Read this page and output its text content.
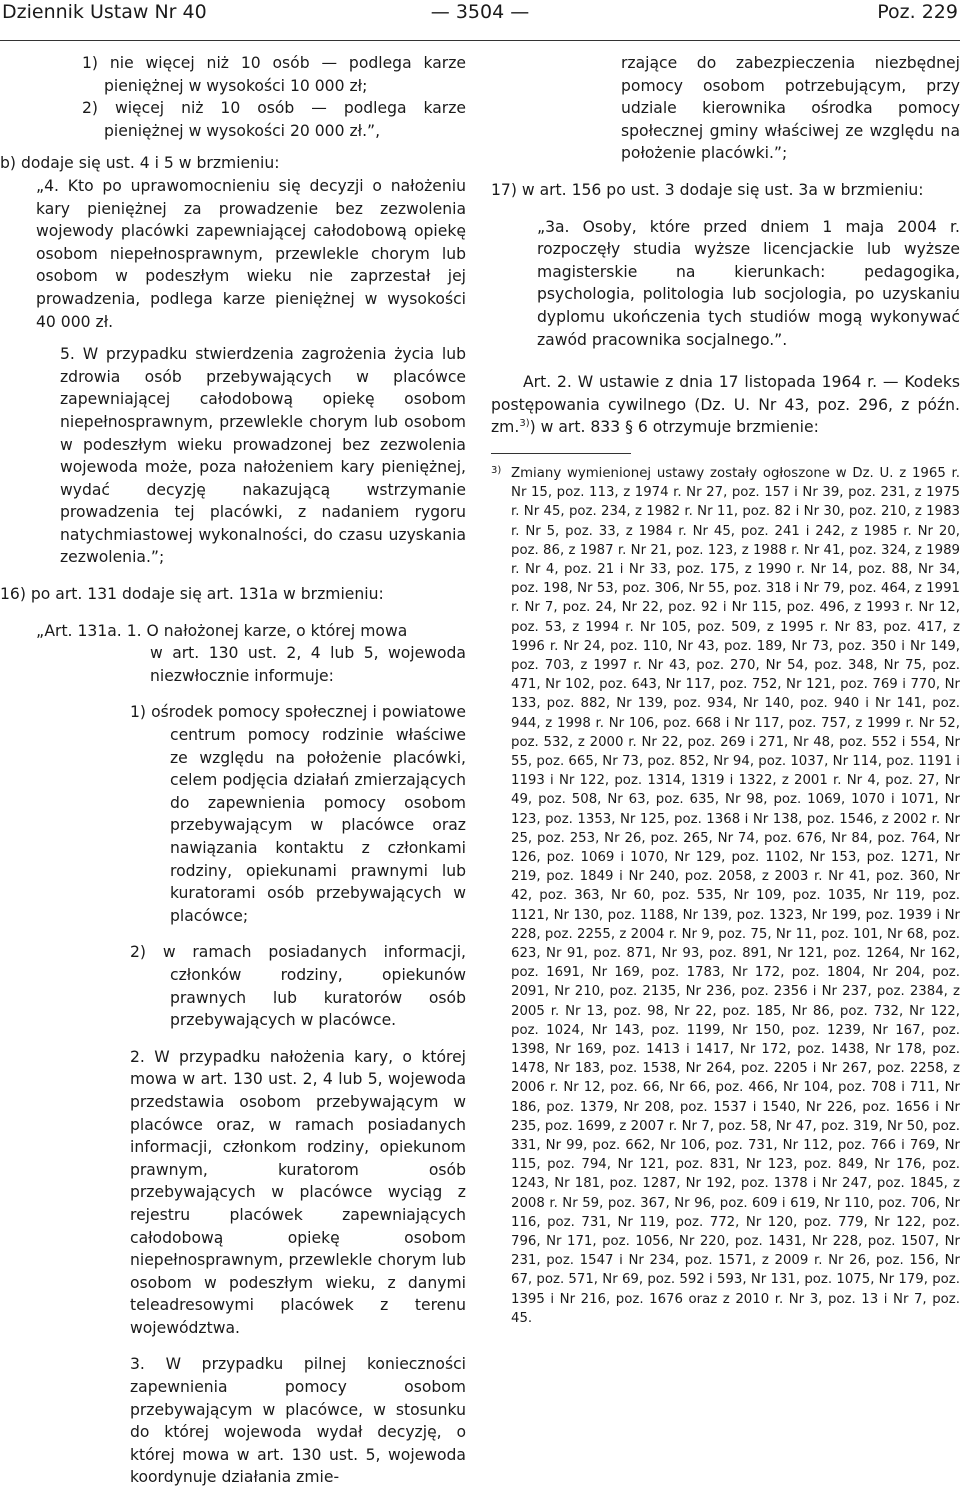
Dziennik Ustaw Nr 40	— 3504 —	Poz. 229

1) nie więcej niż 10 osób — podlega karze pieniężnej w wysokości 10 000 zł;

2) więcej niż 10 osób — podlega karze pieniężnej w wysokości 20 000 zł.”,

b) dodaje się ust. 4 i 5 w brzmieniu:

„4. Kto po uprawomocnieniu się decyzji o nałożeniu kary pieniężnej za prowadzenie bez zezwolenia wojewody placówki zapewniającej całodobową opiekę osobom niepełnosprawnym, przewlekle chorym lub osobom w podeszłym wieku nie zaprzestał jej prowadzenia, podlega karze pieniężnej w wysokości 40 000 zł.

5. W przypadku stwierdzenia zagrożenia życia lub zdrowia osób przebywających w placówce zapewniającej całodobową opiekę osobom niepełnosprawnym, przewlekle chorym lub osobom w podeszłym wieku prowadzonej bez zezwolenia wojewoda może, poza nałożeniem kary pieniężnej, wydać decyzję nakazującą wstrzymanie prowadzenia tej placówki, z nadaniem rygoru natychmiastowej wykonalności, do czasu uzyskania zezwolenia.”;

16) po art. 131 dodaje się art. 131a w brzmieniu:

„Art. 131a. 1. O nałożonej karze, o której mowa

w art. 130 ust. 2, 4 lub 5, wojewoda niezwłocznie informuje:

1) ośrodek pomocy społecznej i powiatowe centrum pomocy rodzinie właściwe ze względu na położenie placówki, celem podjęcia działań zmierzających do zapewnienia pomocy osobom przebywającym w placówce oraz nawiązania kontaktu z członkami rodziny, opiekunami prawnymi lub kuratorami osób przebywających w placówce;

2) w ramach posiadanych informacji, członków rodziny, opiekunów prawnych lub kuratorów osób przebywających w placówce.

2. W przypadku nałożenia kary, o której mowa w art. 130 ust. 2, 4 lub 5, wojewoda przedstawia osobom przebywającym w placówce oraz, w ramach posiadanych informacji, członkom rodziny, opiekunom prawnym, kuratorom osób przebywających w placówce wyciąg z rejestru placówek zapewniających całodobową opiekę osobom niepełnosprawnym, przewlekle chorym lub osobom w podeszłym wieku, z danymi teleadresowymi placówek z terenu województwa.

3. W przypadku pilnej konieczności zapewnienia pomocy osobom przebywającym w placówce, w stosunku do której wojewoda wydał decyzję, o której mowa w art. 130 ust. 5, wojewoda koordynuje działania zmie-

rzające do zabezpieczenia niezbędnej pomocy osobom potrzebującym, przy udziale kierownika ośrodka pomocy społecznej gminy właściwej ze względu na położenie placówki.”;

17) w art. 156 po ust. 3 dodaje się ust. 3a w brzmieniu:

„3a. Osoby, które przed dniem 1 maja 2004 r. rozpoczęły studia wyższe licencjackie lub wyższe magisterskie na kierunkach: pedagogika, psychologia, politologia lub socjologia, po uzyskaniu dyplomu ukończenia tych studiów mogą wykonywać zawód pracownika socjalnego.”.

Art. 2. W ustawie z dnia 17 listopada 1964 r. — Kodeks postępowania cywilnego (Dz. U. Nr 43, poz. 296, z późn. zm.$^{3)}$) w art. 833 § 6 otrzymuje brzmienie:

3) Zmiany wymienionej ustawy zostały ogłoszone w Dz. U. z 1965 r. Nr 15, poz. 113, z 1974 r. Nr 27, poz. 157 i Nr 39, poz. 231, z 1975 r. Nr 45, poz. 234, z 1982 r. Nr 11, poz. 82 i Nr 30, poz. 210, z 1983 r. Nr 5, poz. 33, z 1984 r. Nr 45, poz. 241 i 242, z 1985 r. Nr 20, poz. 86, z 1987 r. Nr 21, poz. 123, z 1988 r. Nr 41, poz. 324, z 1989 r. Nr 4, poz. 21 i Nr 33, poz. 175, z 1990 r. Nr 14, poz. 88, Nr 34, poz. 198, Nr 53, poz. 306, Nr 55, poz. 318 i Nr 79, poz. 464, z 1991 r. Nr 7, poz. 24, Nr 22, poz. 92 i Nr 115, poz. 496, z 1993 r. Nr 12, poz. 53, z 1994 r. Nr 105, poz. 509, z 1995 r. Nr 83, poz. 417, z 1996 r. Nr 24, poz. 110, Nr 43, poz. 189, Nr 73, poz. 350 i Nr 149, poz. 703, z 1997 r. Nr 43, poz. 270, Nr 54, poz. 348, Nr 75, poz. 471, Nr 102, poz. 643, Nr 117, poz. 752, Nr 121, poz. 769 i 770, Nr 133, poz. 882, Nr 139, poz. 934, Nr 140, poz. 940 i Nr 141, poz. 944, z 1998 r. Nr 106, poz. 668 i Nr 117, poz. 757, z 1999 r. Nr 52, poz. 532, z 2000 r. Nr 22, poz. 269 i 271, Nr 48, poz. 552 i 554, Nr 55, poz. 665, Nr 73, poz. 852, Nr 94, poz. 1037, Nr 114, poz. 1191 i 1193 i Nr 122, poz. 1314, 1319 i 1322, z 2001 r. Nr 4, poz. 27, Nr 49, poz. 508, Nr 63, poz. 635, Nr 98, poz. 1069, 1070 i 1071, Nr 123, poz. 1353, Nr 125, poz. 1368 i Nr 138, poz. 1546, z 2002 r. Nr 25, poz. 253, Nr 26, poz. 265, Nr 74, poz. 676, Nr 84, poz. 764, Nr 126, poz. 1069 i 1070, Nr 129, poz. 1102, Nr 153, poz. 1271, Nr 219, poz. 1849 i Nr 240, poz. 2058, z 2003 r. Nr 41, poz. 360, Nr 42, poz. 363, Nr 60, poz. 535, Nr 109, poz. 1035, Nr 119, poz. 1121, Nr 130, poz. 1188, Nr 139, poz. 1323, Nr 199, poz. 1939 i Nr 228, poz. 2255, z 2004 r. Nr 9, poz. 75, Nr 11, poz. 101, Nr 68, poz. 623, Nr 91, poz. 871, Nr 93, poz. 891, Nr 121, poz. 1264, Nr 162, poz. 1691, Nr 169, poz. 1783, Nr 172, poz. 1804, Nr 204, poz. 2091, Nr 210, poz. 2135, Nr 236, poz. 2356 i Nr 237, poz. 2384, z 2005 r. Nr 13, poz. 98, Nr 22, poz. 185, Nr 86, poz. 732, Nr 122, poz. 1024, Nr 143, poz. 1199, Nr 150, poz. 1239, Nr 167, poz. 1398, Nr 169, poz. 1413 i 1417, Nr 172, poz. 1438, Nr 178, poz. 1478, Nr 183, poz. 1538, Nr 264, poz. 2205 i Nr 267, poz. 2258, z 2006 r. Nr 12, poz. 66, Nr 66, poz. 466, Nr 104, poz. 708 i 711, Nr 186, poz. 1379, Nr 208, poz. 1537 i 1540, Nr 226, poz. 1656 i Nr 235, poz. 1699, z 2007 r. Nr 7, poz. 58, Nr 47, poz. 319, Nr 50, poz. 331, Nr 99, poz. 662, Nr 106, poz. 731, Nr 112, poz. 766 i 769, Nr 115, poz. 794, Nr 121, poz. 831, Nr 123, poz. 849, Nr 176, poz. 1243, Nr 181, poz. 1287, Nr 192, poz. 1378 i Nr 247, poz. 1845, z 2008 r. Nr 59, poz. 367, Nr 96, poz. 609 i 619, Nr 110, poz. 706, Nr 116, poz. 731, Nr 119, poz. 772, Nr 120, poz. 779, Nr 122, poz. 796, Nr 171, poz. 1056, Nr 220, poz. 1431, Nr 228, poz. 1507, Nr 231, poz. 1547 i Nr 234, poz. 1571, z 2009 r. Nr 26, poz. 156, Nr 67, poz. 571, Nr 69, poz. 592 i 593, Nr 131, poz. 1075, Nr 179, poz. 1395 i Nr 216, poz. 1676 oraz z 2010 r. Nr 3, poz. 13 i Nr 7, poz. 45.
